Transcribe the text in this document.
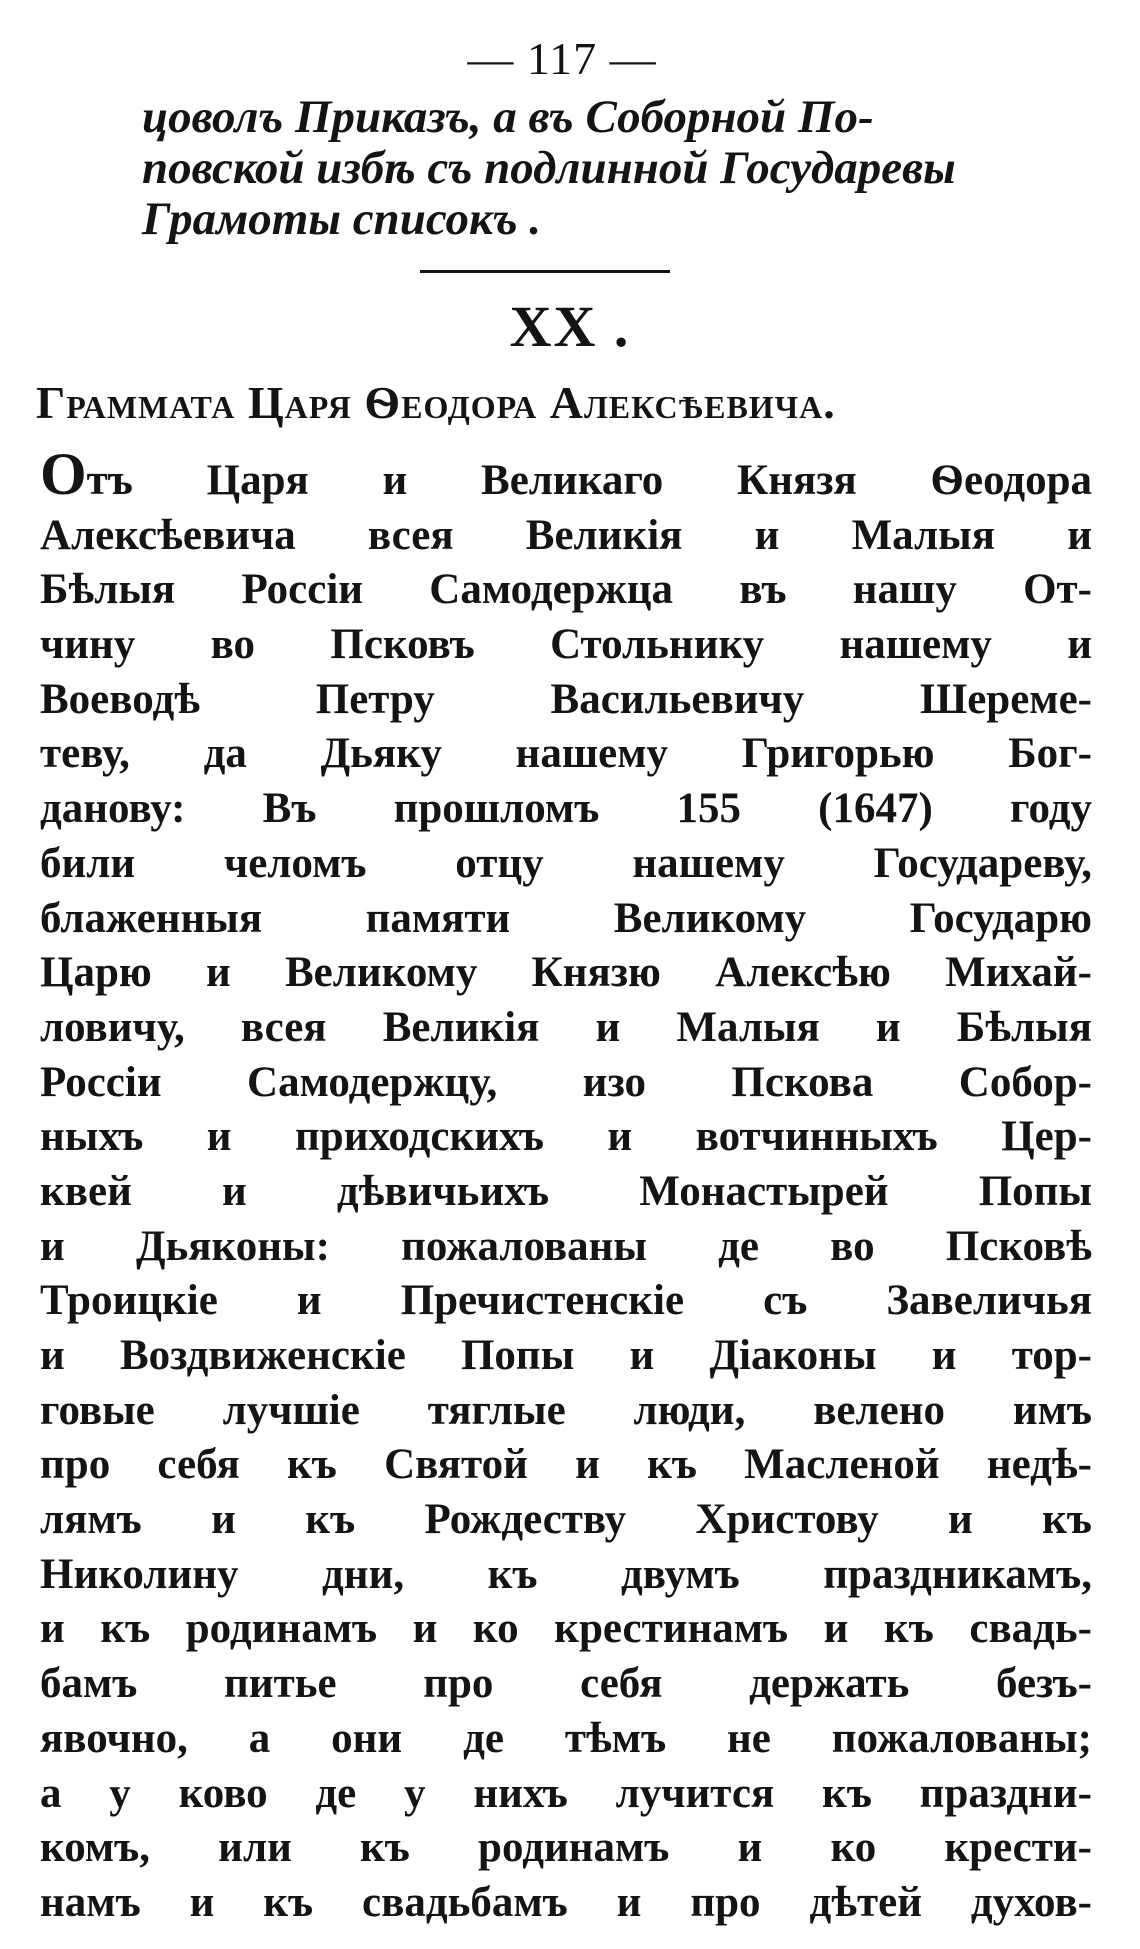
— 117 —
цоволъ Приказъ, а въ Соборной По-
повской избѣ съ подлинной Государевы
Грамоты списокъ .
XX .
Граммата Царя Ѳеодора Алексѣевича.
Отъ Царя и Великаго Князя Ѳеодора
Алексѣевича всея Великія и Малыя и
Бѣлыя Россіи Самодержца въ нашу От-
чину во Псковъ Стольнику нашему и
Воеводѣ Петру Васильевичу Шереме-
теву, да Дьяку нашему Григорью Бог-
данову: Въ прошломъ 155 (1647) году
били челомъ отцу нашему Государеву,
блаженныя памяти Великому Государю
Царю и Великому Князю Алексѣю Михай-
ловичу, всея Великія и Малыя и Бѣлыя
Россіи Самодержцу, изо Пскова Собор-
ныхъ и приходскихъ и вотчинныхъ Цер-
квей и дѣвичьихъ Монастырей Попы
и Дьяконы: пожалованы де во Псковѣ
Троицкіе и Пречистенскіе съ Завеличья
и Воздвиженскіе Попы и Діаконы и тор-
говые лучшіе тяглые люди, велено имъ
про себя къ Святой и къ Масленой недѣ-
лямъ и къ Рождеству Христову и къ
Николину дни, къ двумъ праздникамъ,
и къ родинамъ и ко крестинамъ и къ свадь-
бамъ питье про себя держать безъ-
явочно, а они де тѣмъ не пожалованы;
а у ково де у нихъ лучится къ праздни-
комъ, или къ родинамъ и ко крести-
намъ и къ свадьбамъ и про дѣтей духов-
